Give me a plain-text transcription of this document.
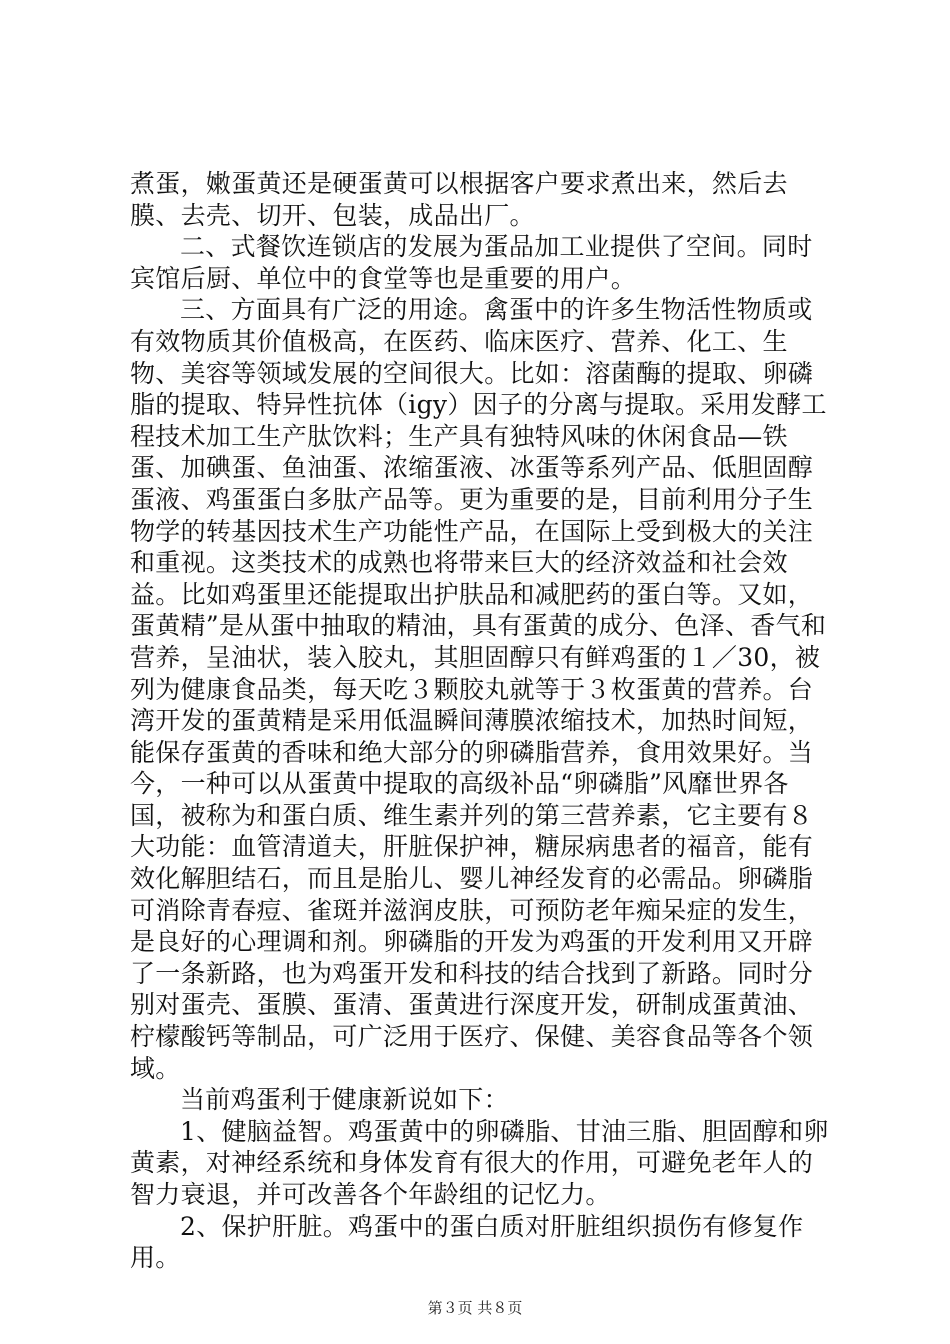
煮蛋，嫩蛋黄还是硬蛋黄可以根据客户要求煮出来，然后去膜、去壳、切开、包装，成品出厂。

二、式餐饮连锁店的发展为蛋品加工业提供了空间。同时宾馆后厨、单位中的食堂等也是重要的用户。

三、方面具有广泛的用途。禽蛋中的许多生物活性物质或有效物质其价值极高，在医药、临床医疗、营养、化工、生物、美容等领域发展的空间很大。比如：溶菌酶的提取、卵磷脂的提取、特异性抗体（igy）因子的分离与提取。采用发酵工程技术加工生产肽饮料；生产具有独特风味的休闲食品—铁蛋、加碘蛋、鱼油蛋、浓缩蛋液、冰蛋等系列产品、低胆固醇蛋液、鸡蛋蛋白多肽产品等。更为重要的是，目前利用分子生物学的转基因技术生产功能性产品，在国际上受到极大的关注和重视。这类技术的成熟也将带来巨大的经济效益和社会效益。比如鸡蛋里还能提取出护肤品和减肥药的蛋白等。又如，蛋黄精”是从蛋中抽取的精油，具有蛋黄的成分、色泽、香气和营养，呈油状，装入胶丸，其胆固醇只有鲜鸡蛋的１／30，被列为健康食品类，每天吃３颗胶丸就等于３枚蛋黄的营养。台湾开发的蛋黄精是采用低温瞬间薄膜浓缩技术，加热时间短，能保存蛋黄的香味和绝大部分的卵磷脂营养，食用效果好。当今，一种可以从蛋黄中提取的高级补品“卵磷脂”风靡世界各国，被称为和蛋白质、维生素并列的第三营养素，它主要有８大功能：血管清道夫，肝脏保护神，糖尿病患者的福音，能有效化解胆结石，而且是胎儿、婴儿神经发育的必需品。卵磷脂可消除青春痘、雀斑并滋润皮肤，可预防老年痴呆症的发生，是良好的心理调和剂。卵磷脂的开发为鸡蛋的开发利用又开辟了一条新路，也为鸡蛋开发和科技的结合找到了新路。同时分别对蛋壳、蛋膜、蛋清、蛋黄进行深度开发，研制成蛋黄油、柠檬酸钙等制品，可广泛用于医疗、保健、美容食品等各个领域。

当前鸡蛋利于健康新说如下：

1、健脑益智。鸡蛋黄中的卵磷脂、甘油三脂、胆固醇和卵黄素，对神经系统和身体发育有很大的作用，可避免老年人的智力衰退，并可改善各个年龄组的记忆力。

2、保护肝脏。鸡蛋中的蛋白质对肝脏组织损伤有修复作用。

第３页 共８页
